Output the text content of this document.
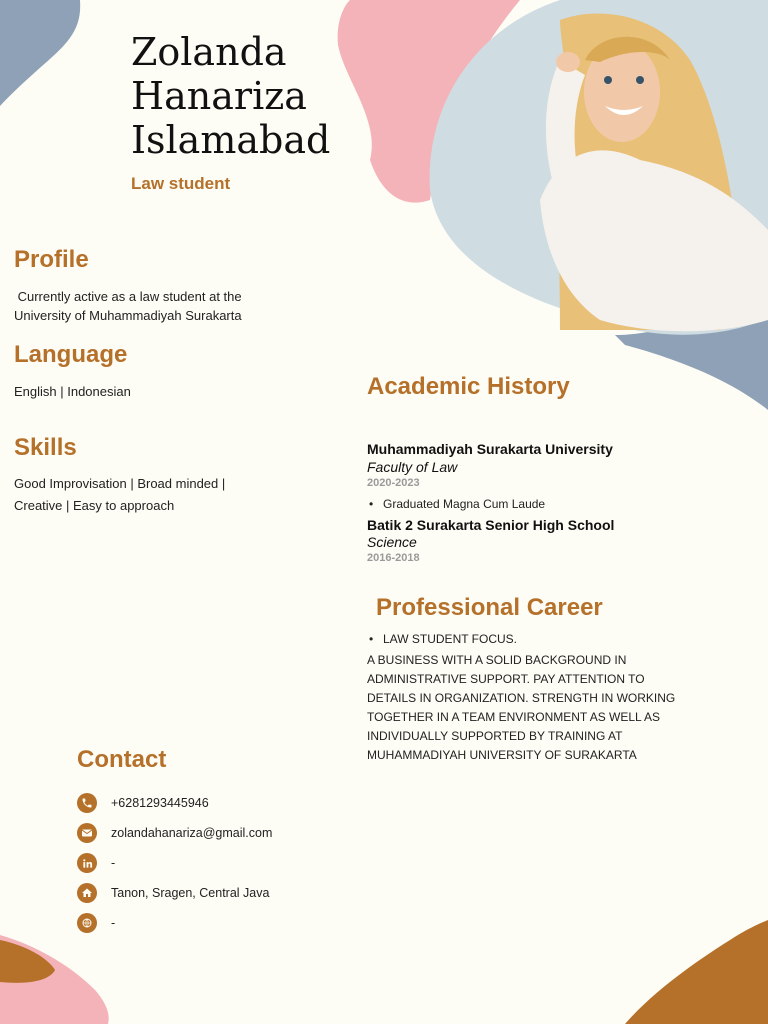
Zolanda
Hanariza
Islamabad
Law student
Profile
Currently active as a law student at the
University of Muhammadiyah Surakarta
Language
English | Indonesian
Skills
Good Improvisation | Broad minded |
Creative | Easy to approach
Academic History
Muhammadiyah Surakarta University
Faculty of Law
2020-2023
• Graduated Magna Cum Laude
Batik 2 Surakarta Senior High School
Science
2016-2018
Professional Career
• LAW STUDENT FOCUS.
A BUSINESS WITH A SOLID BACKGROUND IN
ADMINISTRATIVE SUPPORT. PAY ATTENTION TO
DETAILS IN ORGANIZATION. STRENGTH IN WORKING
TOGETHER IN A TEAM ENVIRONMENT AS WELL AS
INDIVIDUALLY SUPPORTED BY TRAINING AT
MUHAMMADIYAH UNIVERSITY OF SURAKARTA
Contact
+6281293445946
zolandahanariza@gmail.com
-
Tanon, Sragen, Central Java
-
